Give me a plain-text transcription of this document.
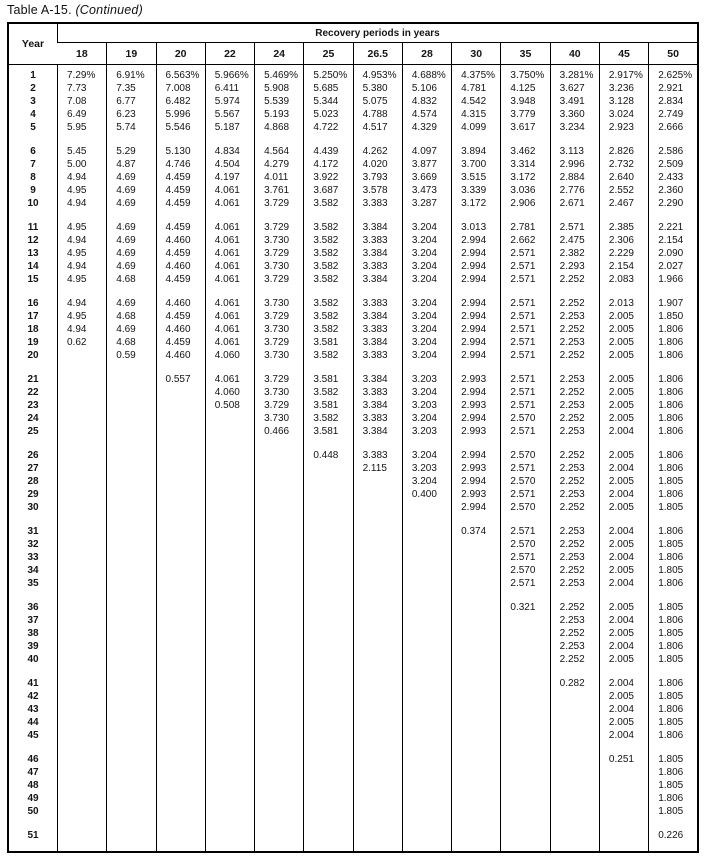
Table A-15. (Continued)
Year	Recovery periods in years												
	18	19	20	22	24	25	26.5	28	30	35	40	45	50
1	7.29%	6.91%	6.563%	5.966%	5.469%	5.250%	4.953%	4.688%	4.375%	3.750%	3.281%	2.917%	2.625%
2	7.73	7.35	7.008	6.411	5.908	5.685	5.380	5.106	4.781	4.125	3.627	3.236	2.921
3	7.08	6.77	6.482	5.974	5.539	5.344	5.075	4.832	4.542	3.948	3.491	3.128	2.834
4	6.49	6.23	5.996	5.567	5.193	5.023	4.788	4.574	4.315	3.779	3.360	3.024	2.749
5	5.95	5.74	5.546	5.187	4.868	4.722	4.517	4.329	4.099	3.617	3.234	2.923	2.666

6	5.45	5.29	5.130	4.834	4.564	4.439	4.262	4.097	3.894	3.462	3.113	2.826	2.586
7	5.00	4.87	4.746	4.504	4.279	4.172	4.020	3.877	3.700	3.314	2.996	2.732	2.509
8	4.94	4.69	4.459	4.197	4.011	3.922	3.793	3.669	3.515	3.172	2.884	2.640	2.433
9	4.95	4.69	4.459	4.061	3.761	3.687	3.578	3.473	3.339	3.036	2.776	2.552	2.360
10	4.94	4.69	4.459	4.061	3.729	3.582	3.383	3.287	3.172	2.906	2.671	2.467	2.290

11	4.95	4.69	4.459	4.061	3.729	3.582	3.384	3.204	3.013	2.781	2.571	2.385	2.221
12	4.94	4.69	4.460	4.061	3.730	3.582	3.383	3.204	2.994	2.662	2.475	2.306	2.154
13	4.95	4.69	4.459	4.061	3.729	3.582	3.384	3.204	2.994	2.571	2.382	2.229	2.090
14	4.94	4.69	4.460	4.061	3.730	3.582	3.383	3.204	2.994	2.571	2.293	2.154	2.027
15	4.95	4.68	4.459	4.061	3.729	3.582	3.384	3.204	2.994	2.571	2.252	2.083	1.966

16	4.94	4.69	4.460	4.061	3.730	3.582	3.383	3.204	2.994	2.571	2.252	2.013	1.907
17	4.95	4.68	4.459	4.061	3.729	3.582	3.384	3.204	2.994	2.571	2.253	2.005	1.850
18	4.94	4.69	4.460	4.061	3.730	3.582	3.383	3.204	2.994	2.571	2.252	2.005	1.806
19	0.62	4.68	4.459	4.061	3.729	3.581	3.384	3.204	2.994	2.571	2.253	2.005	1.806
20		0.59	4.460	4.060	3.730	3.582	3.383	3.204	2.994	2.571	2.252	2.005	1.806

21			0.557	4.061	3.729	3.581	3.384	3.203	2.993	2.571	2.253	2.005	1.806
22				4.060	3.730	3.582	3.383	3.204	2.994	2.571	2.252	2.005	1.806
23				0.508	3.729	3.581	3.384	3.203	2.993	2.571	2.253	2.005	1.806
24					3.730	3.582	3.383	3.204	2.994	2.570	2.252	2.005	1.806
25					0.466	3.581	3.384	3.203	2.993	2.571	2.253	2.004	1.806

26						0.448	3.383	3.204	2.994	2.570	2.252	2.005	1.806
27							2.115	3.203	2.993	2.571	2.253	2.004	1.806
28								3.204	2.994	2.570	2.252	2.005	1.805
29								0.400	2.993	2.571	2.253	2.004	1.806
30									2.994	2.570	2.252	2.005	1.805

31									0.374	2.571	2.253	2.004	1.806
32										2.570	2.252	2.005	1.805
33										2.571	2.253	2.004	1.806
34										2.570	2.252	2.005	1.805
35										2.571	2.253	2.004	1.806

36										0.321	2.252	2.005	1.805
37											2.253	2.004	1.806
38											2.252	2.005	1.805
39											2.253	2.004	1.806
40											2.252	2.005	1.805

41											0.282	2.004	1.806
42												2.005	1.805
43												2.004	1.806
44												2.005	1.805
45												2.004	1.806

46												0.251	1.805
47													1.806
48													1.805
49													1.806
50													1.805

51													0.226
